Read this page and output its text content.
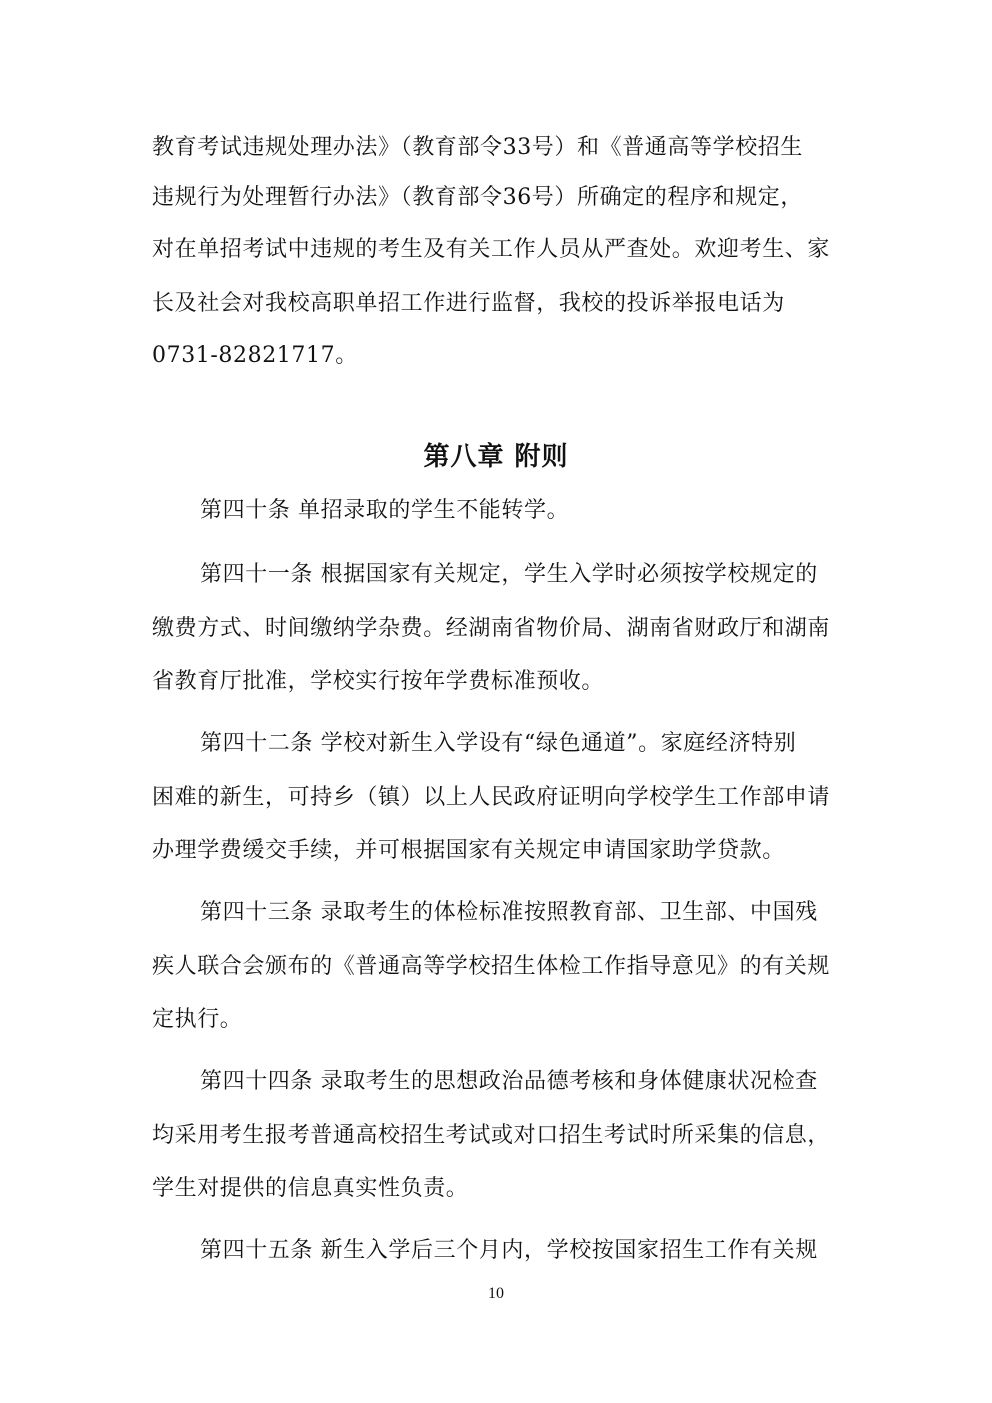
教育考试违规处理办法》（教育部令33号）和《普通高等学校招生
违规行为处理暂行办法》（教育部令36号）所确定的程序和规定，
对在单招考试中违规的考生及有关工作人员从严查处。欢迎考生、家
长及社会对我校高职单招工作进行监督，我校的投诉举报电话为
0731-82821717。
第八章 附则
第四十条 单招录取的学生不能转学。
第四十一条 根据国家有关规定，学生入学时必须按学校规定的
缴费方式、时间缴纳学杂费。经湖南省物价局、湖南省财政厅和湖南
省教育厅批准，学校实行按年学费标准预收。
第四十二条 学校对新生入学设有“绿色通道”。家庭经济特别
困难的新生，可持乡（镇）以上人民政府证明向学校学生工作部申请
办理学费缓交手续，并可根据国家有关规定申请国家助学贷款。
第四十三条 录取考生的体检标准按照教育部、卫生部、中国残
疾人联合会颁布的《普通高等学校招生体检工作指导意见》的有关规
定执行。
第四十四条 录取考生的思想政治品德考核和身体健康状况检查
均采用考生报考普通高校招生考试或对口招生考试时所采集的信息，
学生对提供的信息真实性负责。
第四十五条 新生入学后三个月内，学校按国家招生工作有关规
10
